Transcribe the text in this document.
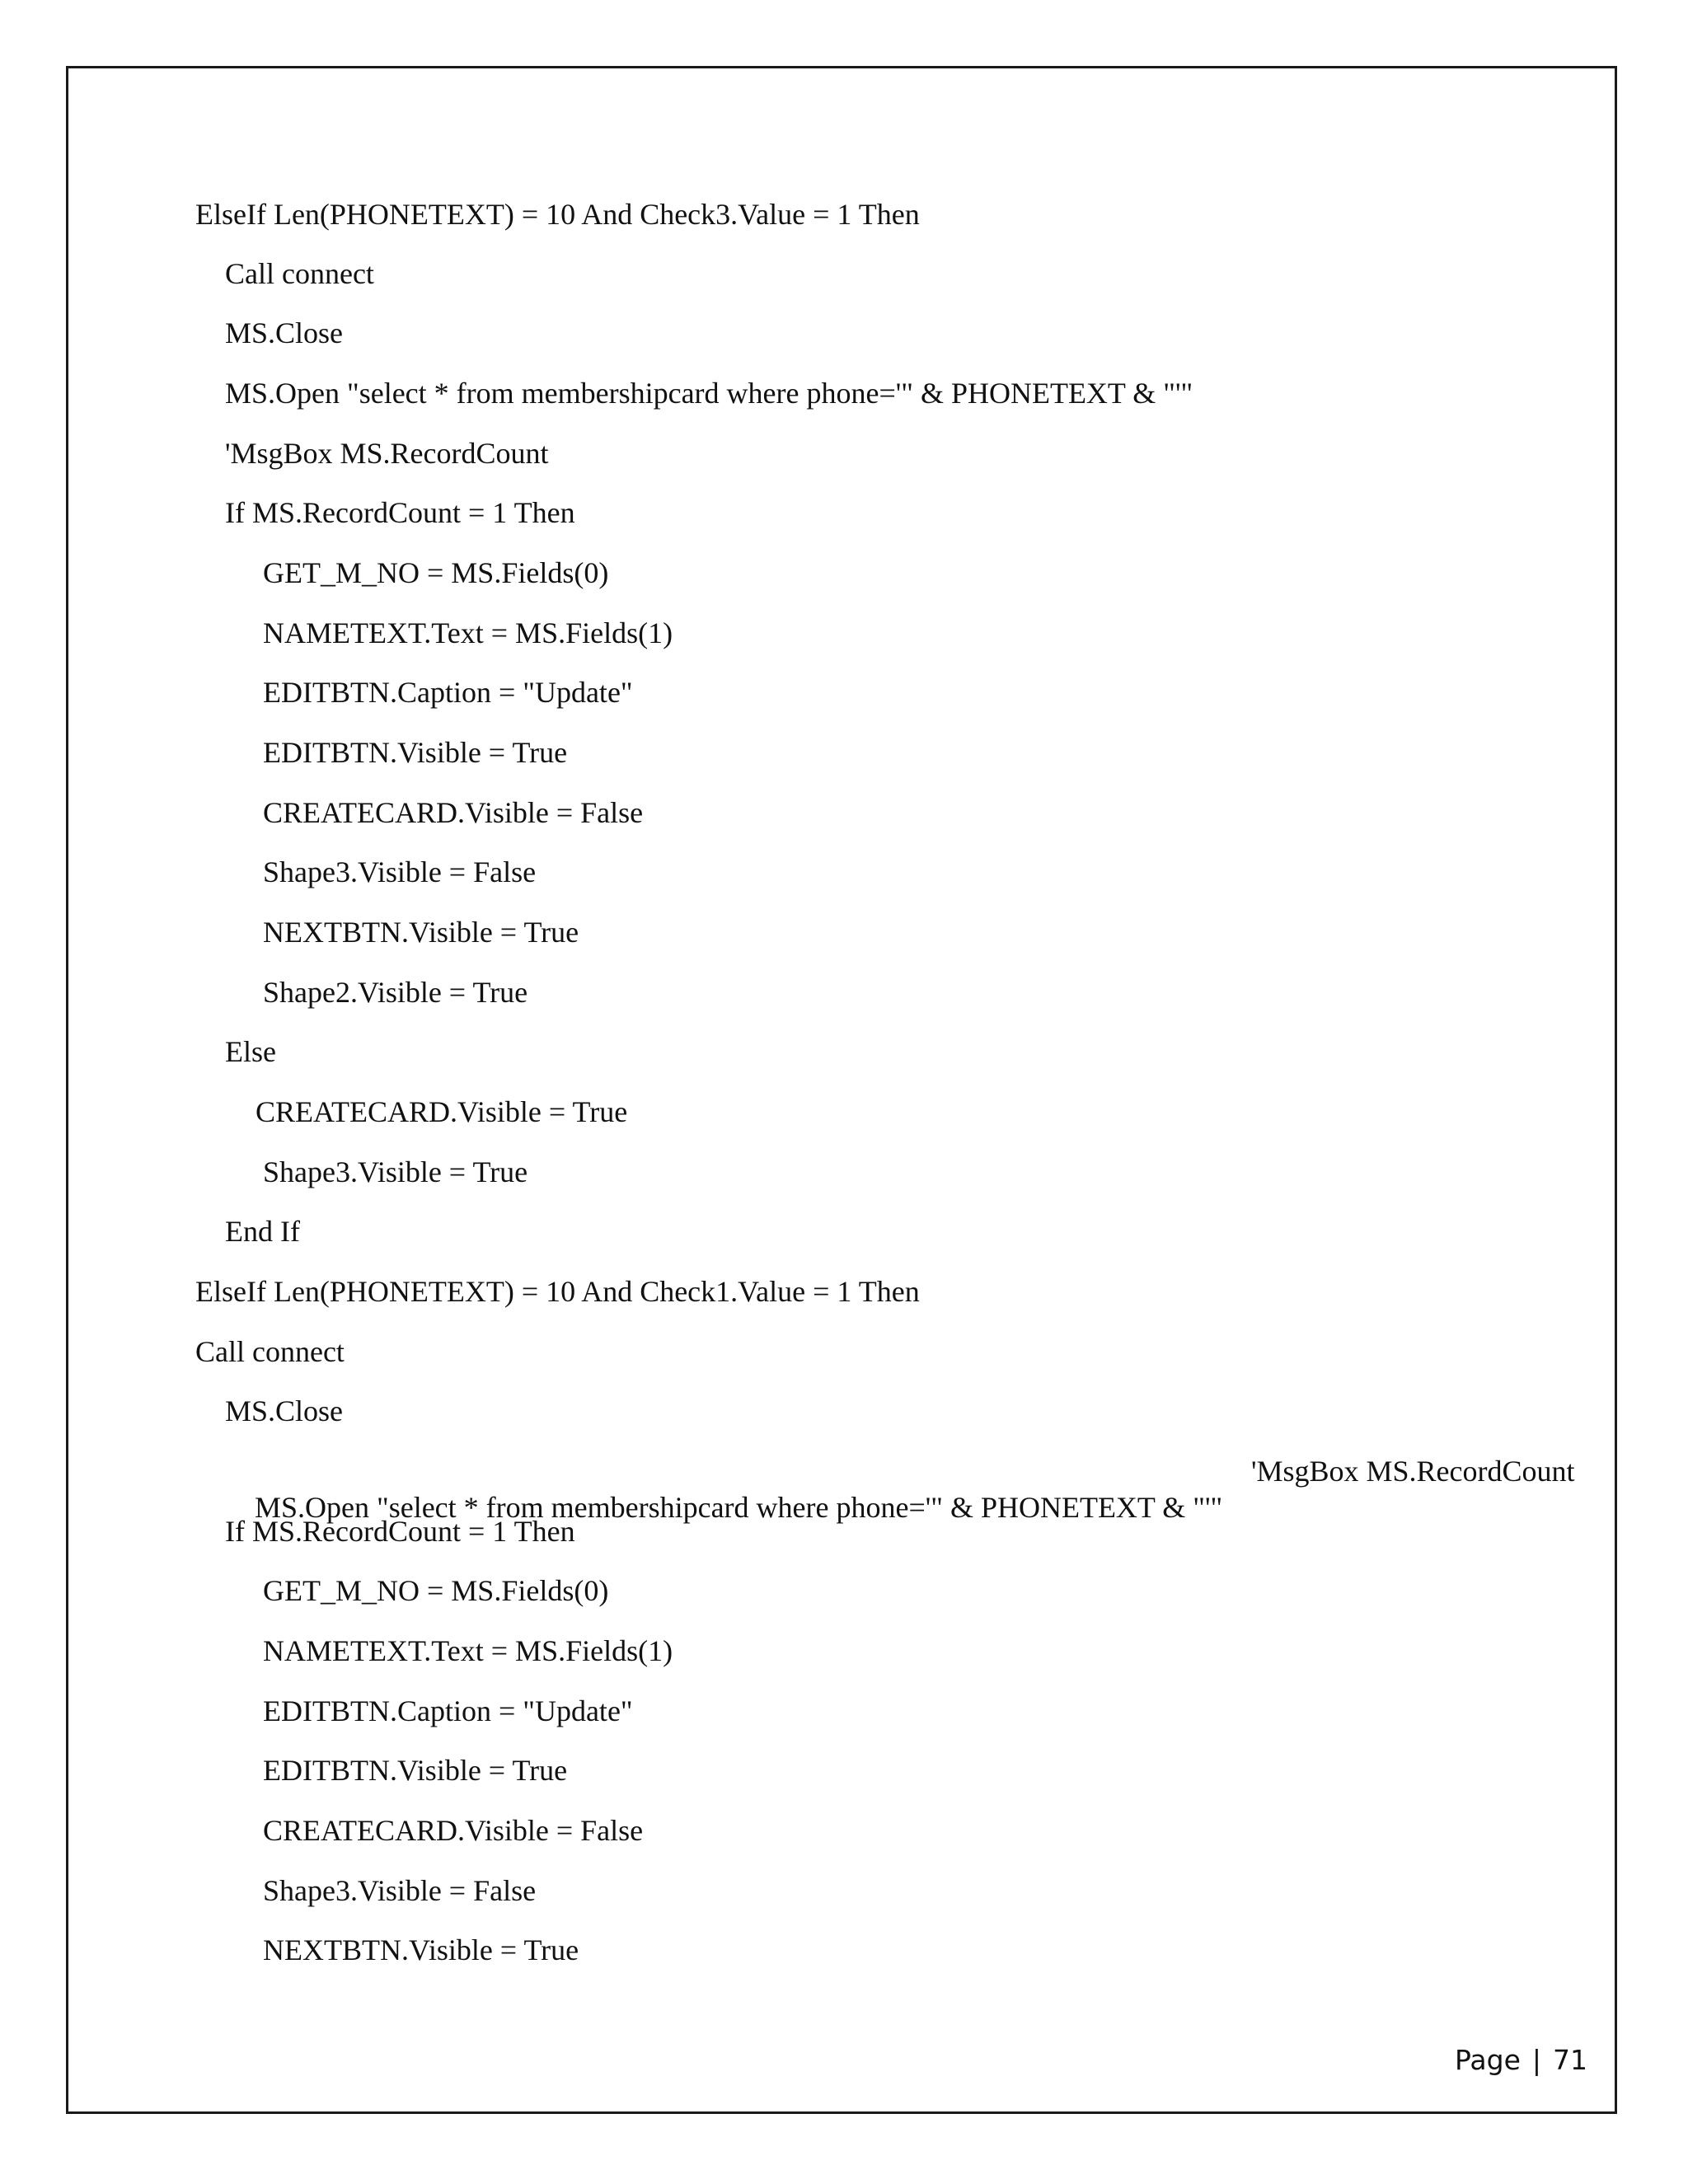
ElseIf Len(PHONETEXT) = 10 And Check3.Value = 1 Then
Call connect
MS.Close
MS.Open "select * from membershipcard where phone='" & PHONETEXT & "'"
'MsgBox MS.RecordCount
If MS.RecordCount = 1 Then
GET_M_NO = MS.Fields(0)
NAMETEXT.Text = MS.Fields(1)
EDITBTN.Caption = "Update"
EDITBTN.Visible = True
CREATECARD.Visible = False
Shape3.Visible = False
NEXTBTN.Visible = True
Shape2.Visible = True
Else
CREATECARD.Visible = True
Shape3.Visible = True
End If
ElseIf Len(PHONETEXT) = 10 And Check1.Value = 1 Then
Call connect
MS.Close

MS.Open "select * from membershipcard where phone='" & PHONETEXT & "'"

'MsgBox MS.RecordCount

If MS.RecordCount = 1 Then
GET_M_NO = MS.Fields(0)
NAMETEXT.Text = MS.Fields(1)
EDITBTN.Caption = "Update"
EDITBTN.Visible = True
CREATECARD.Visible = False
Shape3.Visible = False
NEXTBTN.Visible = True

Page | 71
